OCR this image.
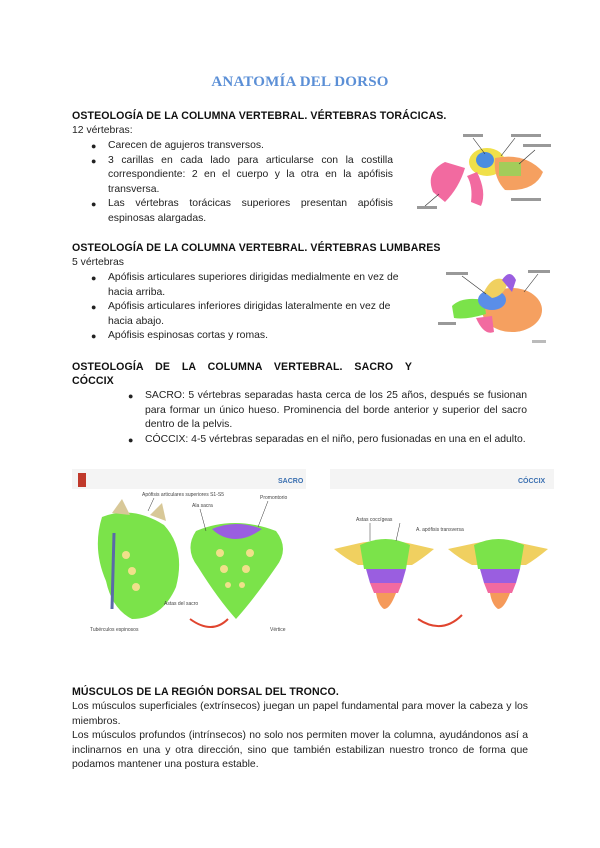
ANATOMÍA DEL DORSO
OSTEOLOGÍA DE LA COLUMNA VERTEBRAL. VÉRTEBRAS TORÁCICAS.
12 vértebras:
● Carecen de agujeros transversos.
● 3 carillas en cada lado para articularse con la costilla correspondiente: 2 en el cuerpo y la otra en la apófisis transversa.
● Las vértebras torácicas superiores presentan apófisis espinosas alargadas.
OSTEOLOGÍA DE LA COLUMNA VERTEBRAL. VÉRTEBRAS LUMBARES
5 vértebras
● Apófisis articulares superiores dirigidas medialmente en vez de hacia arriba.
● Apófisis articulares inferiores dirigidas lateralmente en vez de hacia abajo.
● Apófisis espinosas cortas y romas.
OSTEOLOGÍA DE LA COLUMNA VERTEBRAL. SACRO Y
CÓCCIX
● SACRO: 5 vértebras separadas hasta cerca de los 25 años, después se fusionan para formar un único hueso. Prominencia del borde anterior y superior del sacro dentro de la pelvis.
● CÓCCIX: 4-5 vértebras separadas en el niño, pero fusionadas en una en el adulto.
SACRO
Apófisis articulares superiores S1-S5
Ala sacra
Promontorio
Astas del sacro
Tubérculos espinosos	Vértice
CÓCCIX
Astas coccígeas
A. apófisis transversa
MÚSCULOS DE LA REGIÓN DORSAL DEL TRONCO.
Los músculos superficiales (extrínsecos) juegan un papel fundamental para mover la cabeza y los miembros.
Los músculos profundos (intrínsecos) no solo nos permiten mover la columna, ayudándonos así a inclinarnos en una y otra dirección, sino que también estabilizan nuestro tronco de forma que podamos mantener una postura estable.
